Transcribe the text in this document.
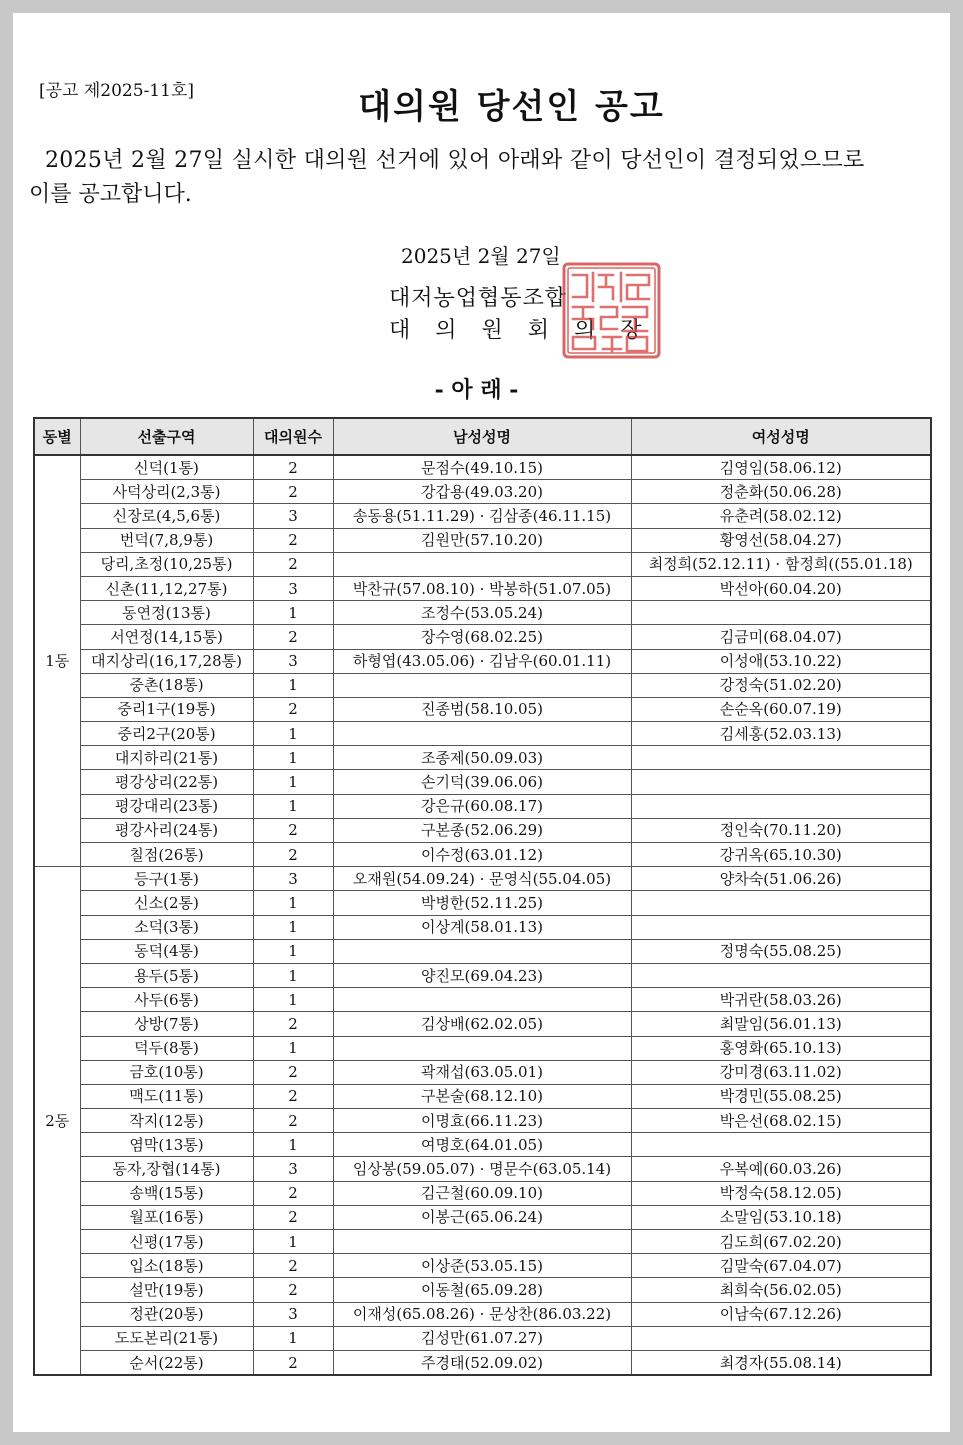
[공고 제2025-11호]	대의원 당선인 공고
2025년 2월 27일 실시한 대의원 선거에 있어 아래와 같이 당선인이 결정되었으므로
이를 공고합니다.
2025년 2월 27일
대저농업협동조합
대 의 원 회 의 장
- 아 래 -
동별	선출구역	대의원수	남성성명	여성성명
1동	신덕(1통)	2	문점수(49.10.15)	김영임(58.06.12)
	사덕상리(2,3통)	2	강갑용(49.03.20)	정춘화(50.06.28)
	신장로(4,5,6통)	3	송동용(51.11.29) · 김삼종(46.11.15)	유춘려(58.02.12)
	번덕(7,8,9통)	2	김원만(57.10.20)	황영선(58.04.27)
	당리,초정(10,25통)	2		최정희(52.12.11) · 함정희((55.01.18)
	신촌(11,12,27통)	3	박찬규(57.08.10) · 박봉하(51.07.05)	박선아(60.04.20)
	동연정(13통)	1	조정수(53.05.24)	
	서연정(14,15통)	2	장수영(68.02.25)	김금미(68.04.07)
	대지상리(16,17,28통)	3	하형엽(43.05.06) · 김남우(60.01.11)	이성애(53.10.22)
	중촌(18통)	1		강정숙(51.02.20)
	중리1구(19통)	2	진종범(58.10.05)	손순옥(60.07.19)
	중리2구(20통)	1		김세홍(52.03.13)
	대지하리(21통)	1	조종제(50.09.03)	
	평강상리(22통)	1	손기덕(39.06.06)	
	평강대리(23통)	1	강은규(60.08.17)	
	평강사리(24통)	2	구본종(52.06.29)	정인숙(70.11.20)
	칠점(26통)	2	이수정(63.01.12)	강귀옥(65.10.30)
2동	등구(1통)	3	오재원(54.09.24) · 문영식(55.04.05)	양차숙(51.06.26)
	신소(2통)	1	박병한(52.11.25)	
	소덕(3통)	1	이상계(58.01.13)	
	동덕(4통)	1		정명숙(55.08.25)
	용두(5통)	1	양진모(69.04.23)	
	사두(6통)	1		박귀란(58.03.26)
	상방(7통)	2	김상배(62.02.05)	최말임(56.01.13)
	덕두(8통)	1		홍영화(65.10.13)
	금호(10통)	2	곽재섭(63.05.01)	강미경(63.11.02)
	맥도(11통)	2	구본술(68.12.10)	박경민(55.08.25)
	작지(12통)	2	이명효(66.11.23)	박은선(68.02.15)
	염막(13통)	1	여명호(64.01.05)	
	동자,장협(14통)	3	임상봉(59.05.07) · 명문수(63.05.14)	우복예(60.03.26)
	송백(15통)	2	김근철(60.09.10)	박정숙(58.12.05)
	월포(16통)	2	이봉근(65.06.24)	소말임(53.10.18)
	신평(17통)	1		김도희(67.02.20)
	입소(18통)	2	이상준(53.05.15)	김말숙(67.04.07)
	설만(19통)	2	이동철(65.09.28)	최희숙(56.02.05)
	정관(20통)	3	이재성(65.08.26) · 문상찬(86.03.22)	이남숙(67.12.26)
	도도본리(21통)	1	김성만(61.07.27)	
	순서(22통)	2	주경태(52.09.02)	최경자(55.08.14)
